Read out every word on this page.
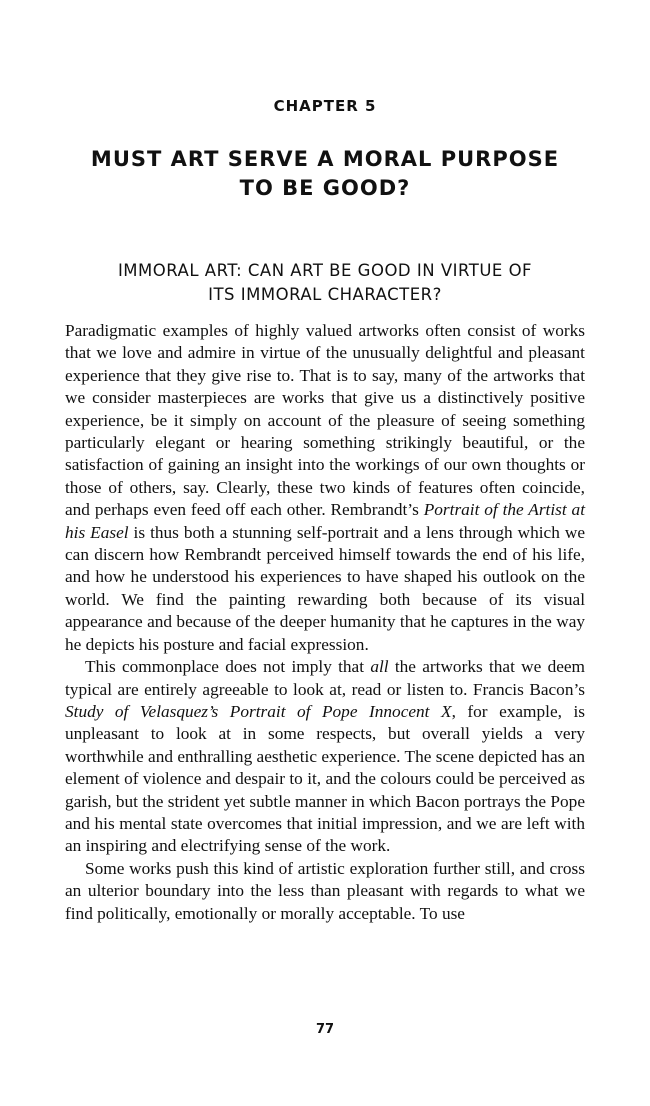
CHAPTER 5
MUST ART SERVE A MORAL PURPOSE
TO BE GOOD?
IMMORAL ART: CAN ART BE GOOD IN VIRTUE OF
ITS IMMORAL CHARACTER?

Paradigmatic examples of highly valued artworks often consist of works that we love and admire in virtue of the unusually delightful and pleasant experience that they give rise to. That is to say, many of the artworks that we consider masterpieces are works that give us a distinctively positive experience, be it simply on account of the pleasure of seeing something particularly elegant or hearing something strikingly beautiful, or the satisfaction of gaining an insight into the workings of our own thoughts or those of others, say. Clearly, these two kinds of features often coincide, and perhaps even feed off each other. Rembrandt’s Portrait of the Artist at his Easel is thus both a stunning self-portrait and a lens through which we can discern how Rembrandt perceived himself towards the end of his life, and how he understood his experiences to have shaped his outlook on the world. We find the painting rewarding both because of its visual appearance and because of the deeper humanity that he captures in the way he depicts his posture and facial expression.

This commonplace does not imply that all the artworks that we deem typical are entirely agreeable to look at, read or listen to. Francis Bacon’s Study of Velasquez’s Portrait of Pope Innocent X, for example, is unpleasant to look at in some respects, but overall yields a very worthwhile and enthralling aesthetic experience. The scene depicted has an element of violence and despair to it, and the colours could be perceived as garish, but the strident yet subtle manner in which Bacon portrays the Pope and his mental state overcomes that initial impression, and we are left with an inspiring and electrifying sense of the work.

Some works push this kind of artistic exploration further still, and cross an ulterior boundary into the less than pleasant with regards to what we find politically, emotionally or morally acceptable. To use

77
